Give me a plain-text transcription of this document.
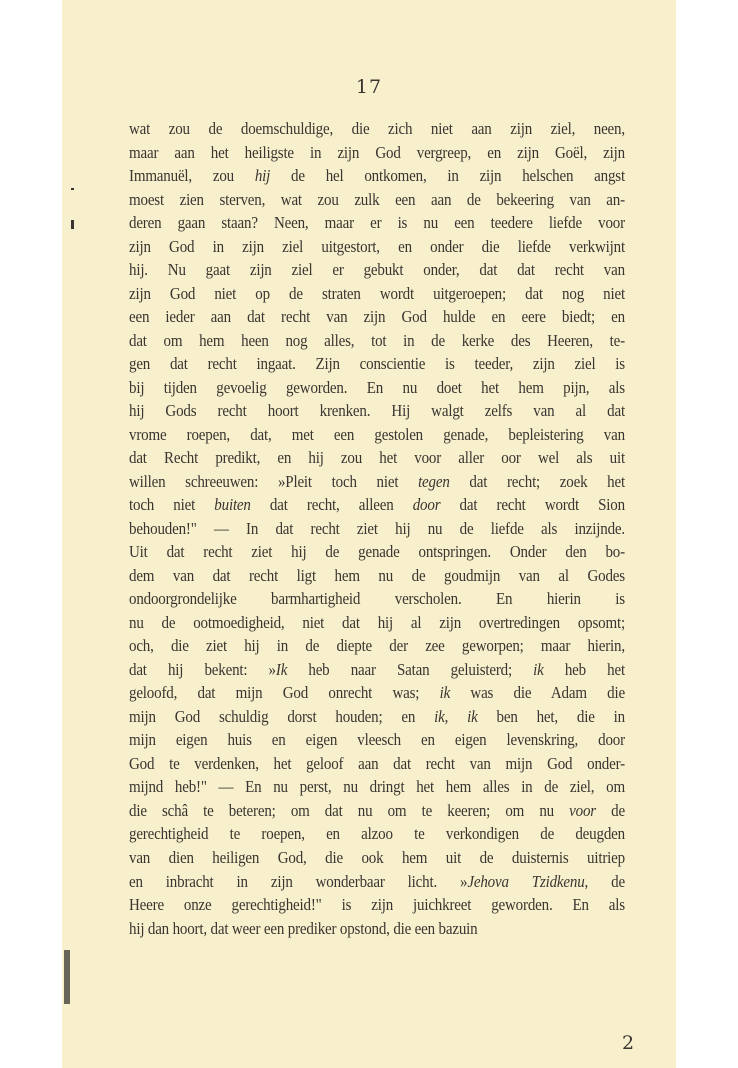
17
wat zou de doemschuldige, die zich niet aan zijn ziel, neen,
maar aan het heiligste in zijn God vergreep, en zijn Goël, zijn
Immanuël, zou hij de hel ontkomen, in zijn helschen angst
moest zien sterven, wat zou zulk een aan de bekeering van an-
deren gaan staan? Neen, maar er is nu een teedere liefde voor
zijn God in zijn ziel uitgestort, en onder die liefde verkwijnt
hij. Nu gaat zijn ziel er gebukt onder, dat dat recht van
zijn God niet op de straten wordt uitgeroepen; dat nog niet
een ieder aan dat recht van zijn God hulde en eere biedt; en
dat om hem heen nog alles, tot in de kerke des Heeren, te-
gen dat recht ingaat. Zijn conscientie is teeder, zijn ziel is
bij tijden gevoelig geworden. En nu doet het hem pijn, als
hij Gods recht hoort krenken. Hij walgt zelfs van al dat
vrome roepen, dat, met een gestolen genade, bepleistering van
dat Recht predikt, en hij zou het voor aller oor wel als uit
willen schreeuwen: »Pleit toch niet tegen dat recht; zoek het
toch niet buiten dat recht, alleen door dat recht wordt Sion
behouden!" — In dat recht ziet hij nu de liefde als inzijnde.
Uit dat recht ziet hij de genade ontspringen. Onder den bo-
dem van dat recht ligt hem nu de goudmijn van al Godes
ondoorgrondelijke barmhartigheid verscholen. En hierin is
nu de ootmoedigheid, niet dat hij al zijn overtredingen opsomt;
och, die ziet hij in de diepte der zee geworpen; maar hierin,
dat hij bekent: »Ik heb naar Satan geluisterd; ik heb het
geloofd, dat mijn God onrecht was; ik was die Adam die
mijn God schuldig dorst houden; en ik, ik ben het, die in
mijn eigen huis en eigen vleesch en eigen levenskring, door
God te verdenken, het geloof aan dat recht van mijn God onder-
mijnd heb!" — En nu perst, nu dringt het hem alles in de ziel, om
die schâ te beteren; om dat nu om te keeren; om nu voor de
gerechtigheid te roepen, en alzoo te verkondigen de deugden
van dien heiligen God, die ook hem uit de duisternis uitriep
en inbracht in zijn wonderbaar licht. »Jehova Tzidkenu, de
Heere onze gerechtigheid!" is zijn juichkreet geworden. En als
hij dan hoort, dat weer een prediker opstond, die een bazuin
2
